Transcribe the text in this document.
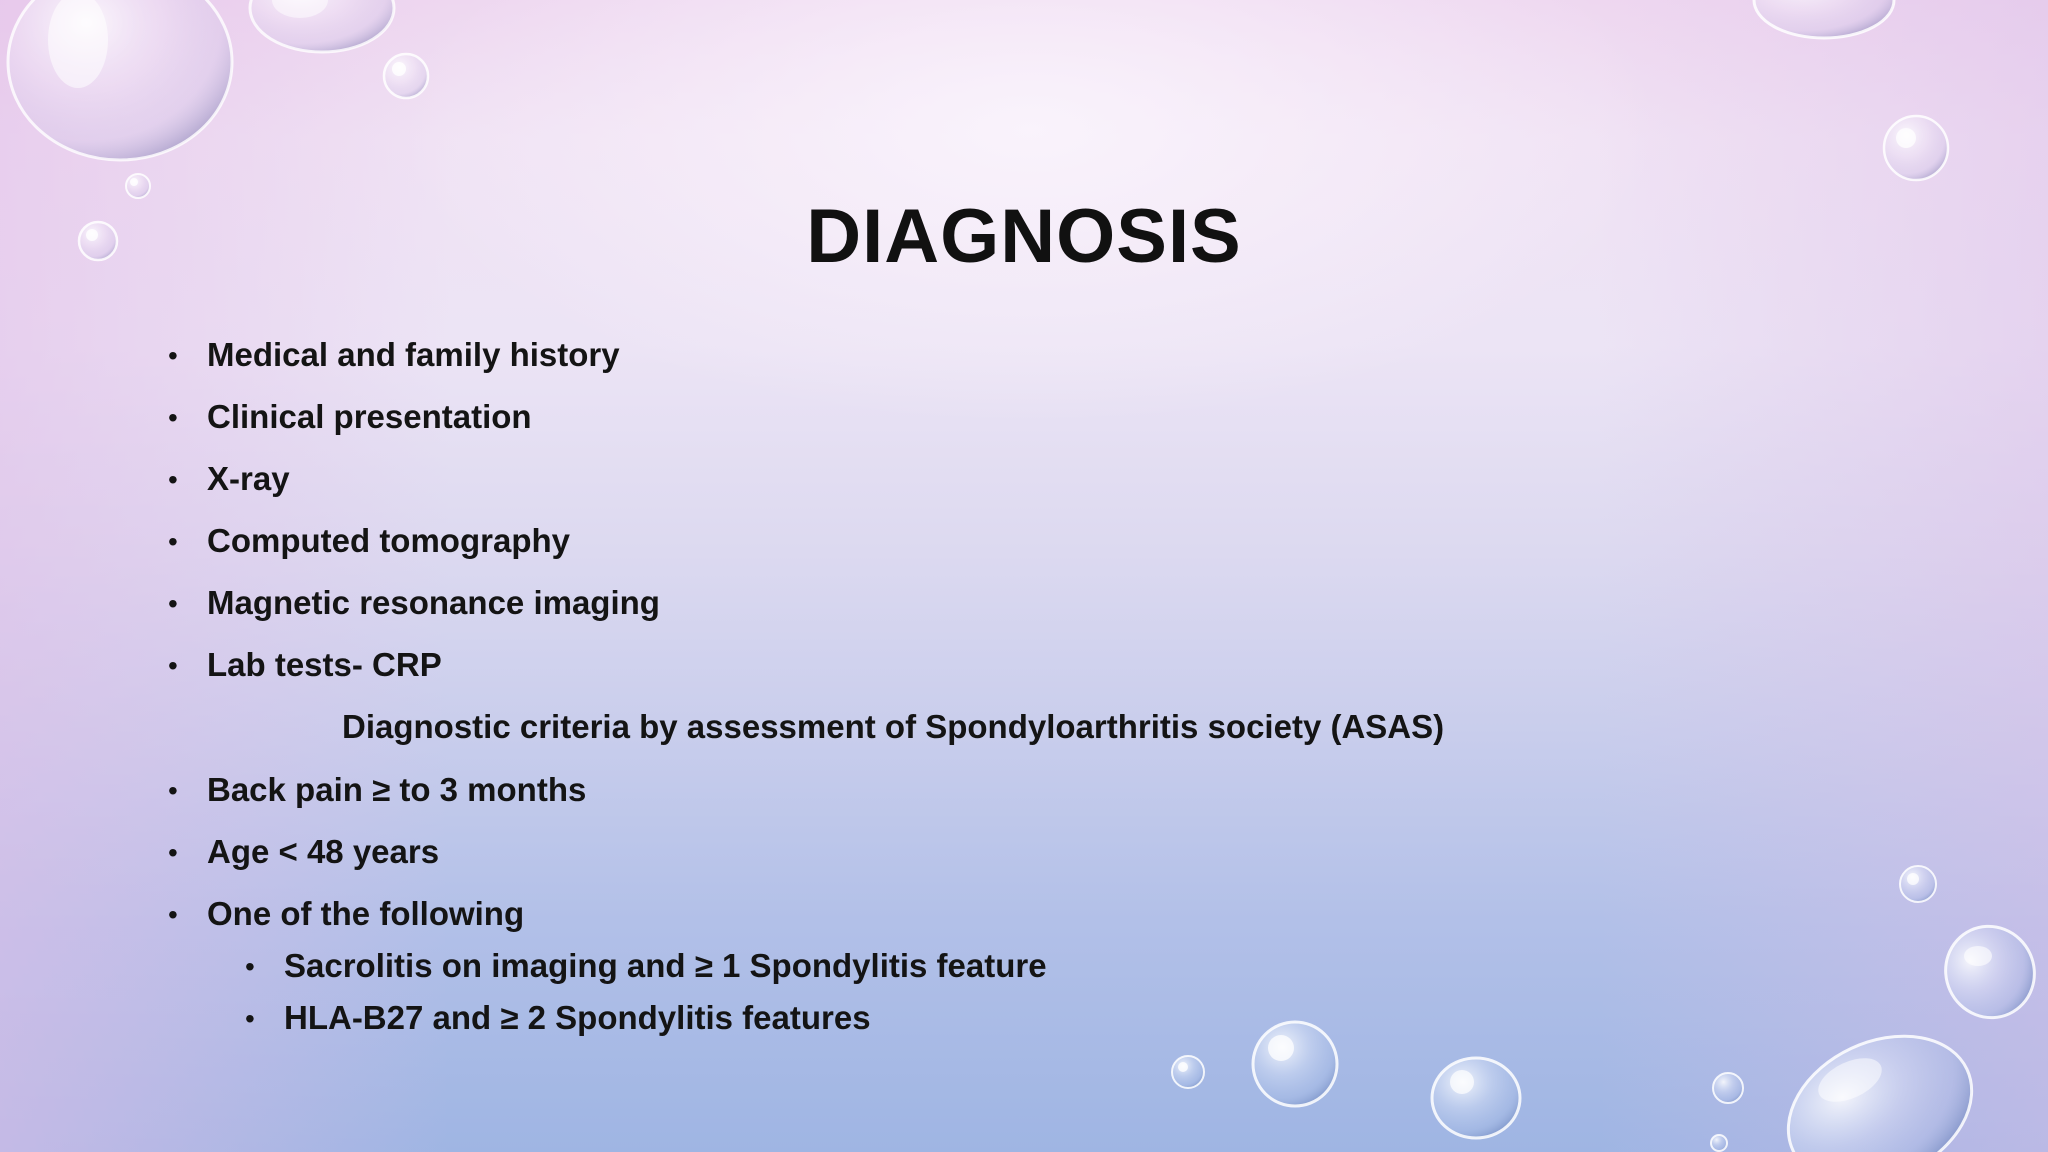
DIAGNOSIS
• Medical and family history
• Clinical presentation
• X-ray
• Computed tomography
• Magnetic resonance imaging
• Lab tests- CRP
Diagnostic criteria by assessment of Spondyloarthritis society (ASAS)
• Back pain ≥ to 3 months
• Age < 48 years
• One of the following
• Sacrolitis on imaging and ≥ 1 Spondylitis feature
• HLA-B27 and ≥ 2 Spondylitis features
